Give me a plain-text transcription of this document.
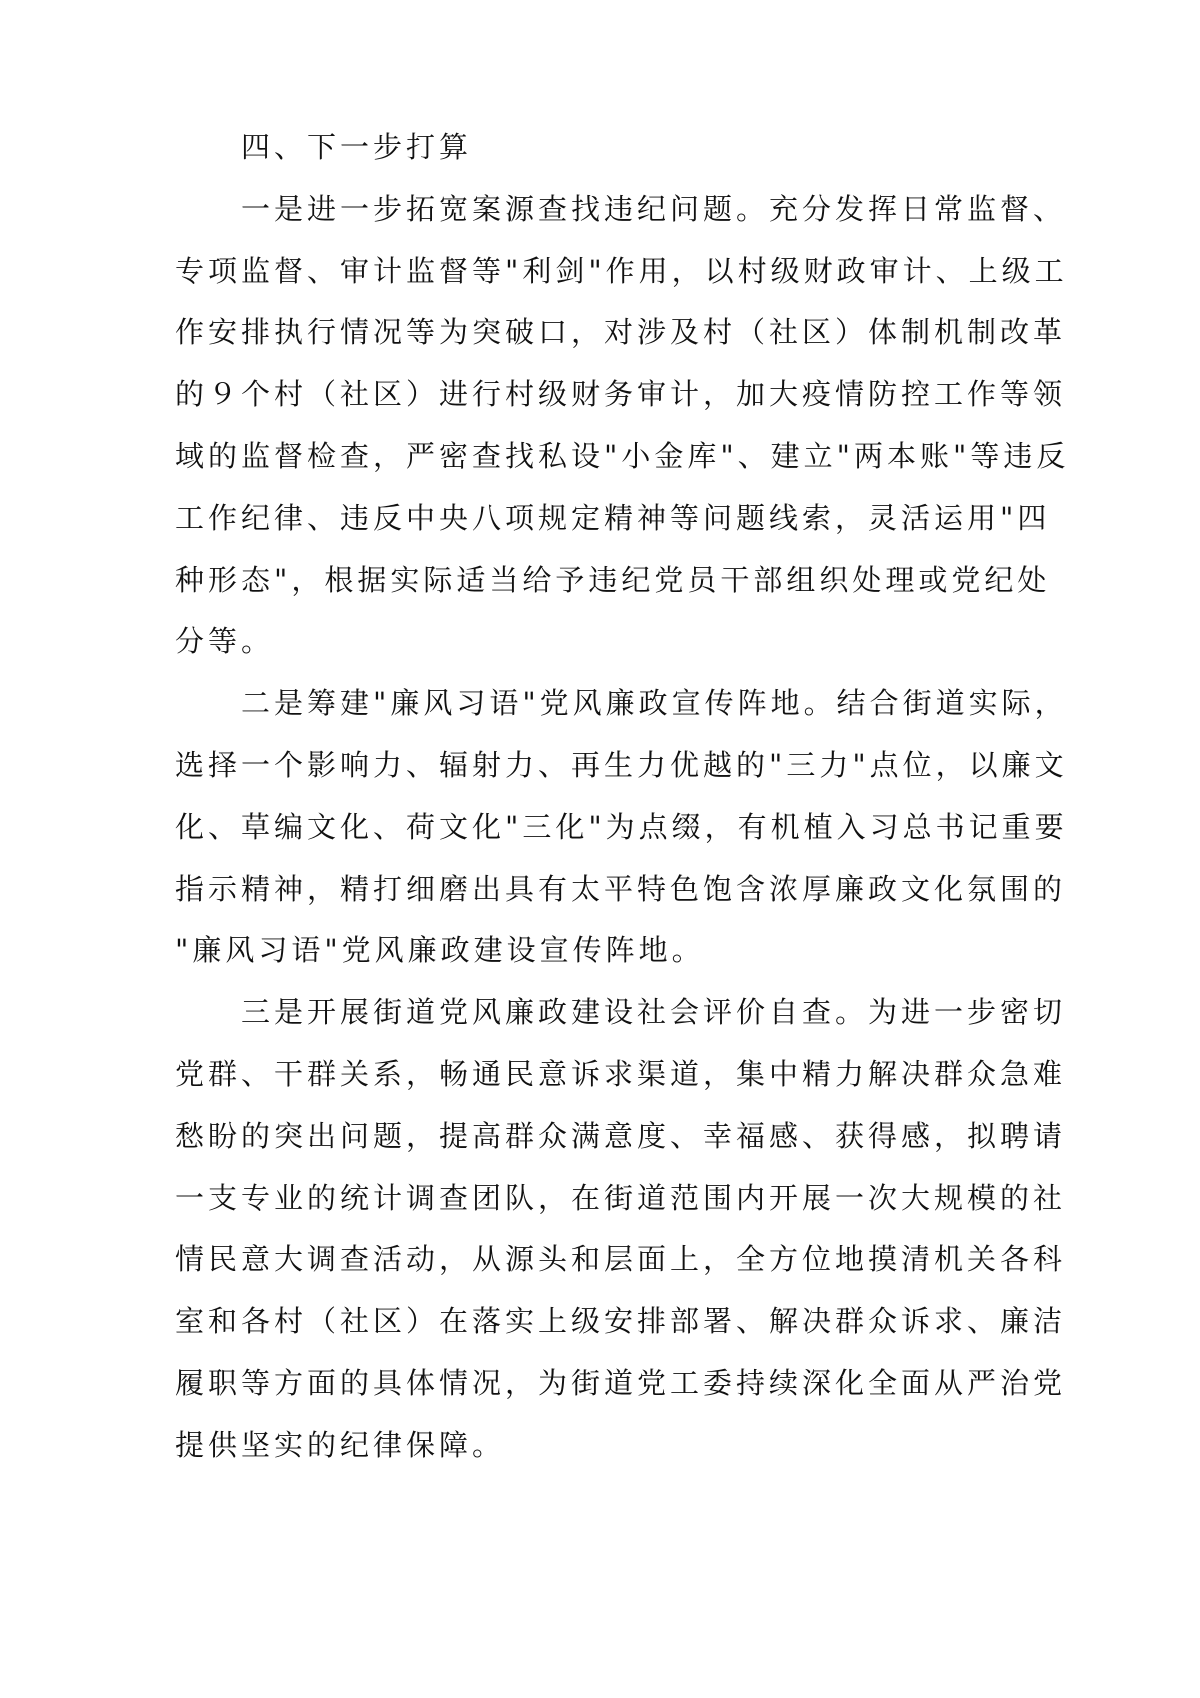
四、下一步打算
一是进一步拓宽案源查找违纪问题。充分发挥日常监督、
专项监督、审计监督等"利剑"作用，以村级财政审计、上级工
作安排执行情况等为突破口，对涉及村（社区）体制机制改革
的９个村（社区）进行村级财务审计，加大疫情防控工作等领
域的监督检查，严密查找私设"小金库"、建立"两本账"等违反
工作纪律、违反中央八项规定精神等问题线索，灵活运用"四
种形态"，根据实际适当给予违纪党员干部组织处理或党纪处
分等。
二是筹建"廉风习语"党风廉政宣传阵地。结合街道实际，
选择一个影响力、辐射力、再生力优越的"三力"点位，以廉文
化、草编文化、荷文化"三化"为点缀，有机植入习总书记重要
指示精神，精打细磨出具有太平特色饱含浓厚廉政文化氛围的
"廉风习语"党风廉政建设宣传阵地。
三是开展街道党风廉政建设社会评价自查。为进一步密切
党群、干群关系，畅通民意诉求渠道，集中精力解决群众急难
愁盼的突出问题，提高群众满意度、幸福感、获得感，拟聘请
一支专业的统计调查团队，在街道范围内开展一次大规模的社
情民意大调查活动，从源头和层面上，全方位地摸清机关各科
室和各村（社区）在落实上级安排部署、解决群众诉求、廉洁
履职等方面的具体情况，为街道党工委持续深化全面从严治党
提供坚实的纪律保障。
